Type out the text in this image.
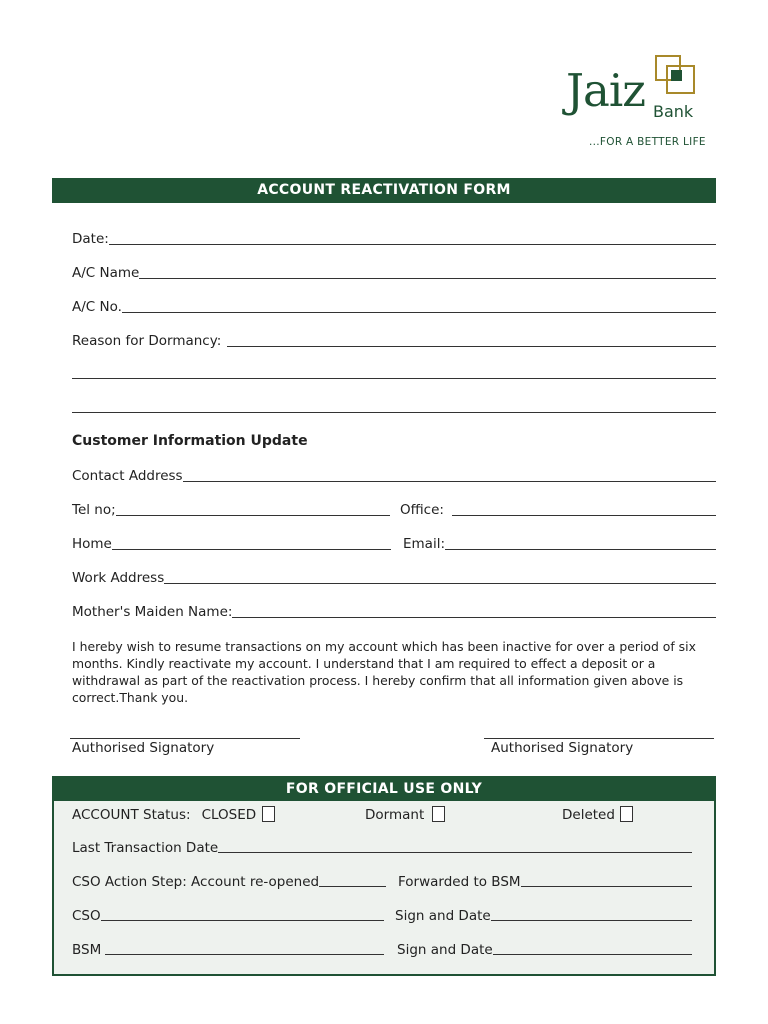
Jaiz Bank
...FOR A BETTER LIFE
ACCOUNT REACTIVATION FORM
Date:
A/C Name
A/C No.
Reason for Dormancy:
Customer Information Update
Contact Address
Tel no;	Office:
Home	Email:
Work Address
Mother's Maiden Name:
I hereby wish to resume transactions on my account which has been inactive for over a period of six months. Kindly reactivate my account. I understand that I am required to effect a deposit or a withdrawal as part of the reactivation process. I hereby confirm that all information given above is correct.Thank you.
Authorised Signatory	Authorised Signatory
FOR OFFICIAL USE ONLY
ACCOUNT Status: CLOSED	Dormant	Deleted
Last Transaction Date
CSO Action Step: Account re-opened	Forwarded to BSM
CSO	Sign and Date
BSM	Sign and Date
